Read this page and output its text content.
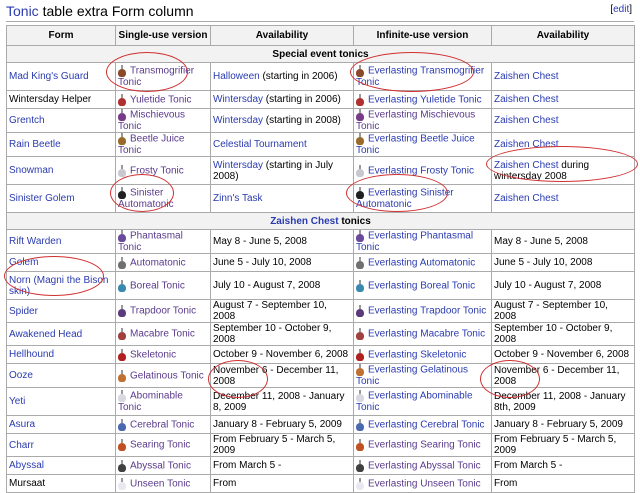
Tonic table extra Form column	[edit]
Form	Single-use version	Availability	Infinite-use version	Availability
Special event tonics				
Mad King's Guard	Transmogrifier Tonic	Halloween (starting in 2006)	Everlasting Transmogrifier Tonic	Zaishen Chest
Wintersday Helper	Yuletide Tonic	Wintersday (starting in 2006)	Everlasting Yuletide Tonic	Zaishen Chest
Grentch	Mischievous Tonic	Wintersday (starting in 2008)	Everlasting Mischievous Tonic	Zaishen Chest
Rain Beetle	Beetle Juice Tonic	Celestial Tournament	Everlasting Beetle Juice Tonic	Zaishen Chest
Snowman	Frosty Tonic	Wintersday (starting in July 2008)	Everlasting Frosty Tonic	Zaishen Chest during wintersday 2008
Sinister Golem	Sinister Automatonic	Zinn's Task	Everlasting Sinister Automatonic	Zaishen Chest
Zaishen Chest tonics				
Rift Warden	Phantasmal Tonic	May 8 - June 5, 2008	Everlasting Phantasmal Tonic	May 8 - June 5, 2008
Golem	Automatonic	June 5 - July 10, 2008	Everlasting Automatonic	June 5 - July 10, 2008
Norn (Magni the Bison skin)	Boreal Tonic	July 10 - August 7, 2008	Everlasting Boreal Tonic	July 10 - August 7, 2008
Spider	Trapdoor Tonic	August 7 - September 10, 2008	Everlasting Trapdoor Tonic	August 7 - September 10, 2008
Awakened Head	Macabre Tonic	September 10 - October 9, 2008	Everlasting Macabre Tonic	September 10 - October 9, 2008
Hellhound	Skeletonic	October 9 - November 6, 2008	Everlasting Skeletonic	October 9 - November 6, 2008
Ooze	Gelatinous Tonic	November 6 - December 11, 2008	Everlasting Gelatinous Tonic	November 6 - December 11, 2008
Yeti	Abominable Tonic	December 11, 2008 - January 8, 2009	Everlasting Abominable Tonic	December 11, 2008 - January 8th, 2009
Asura	Cerebral Tonic	January 8 - February 5, 2009	Everlasting Cerebral Tonic	January 8 - February 5, 2009
Charr	Searing Tonic	From February 5 - March 5, 2009	Everlasting Searing Tonic	From February 5 - March 5, 2009
Abyssal	Abyssal Tonic	From March 5 -	Everlasting Abyssal Tonic	From March 5 -
Mursaat	Unseen Tonic	From	Everlasting Unseen Tonic	From
